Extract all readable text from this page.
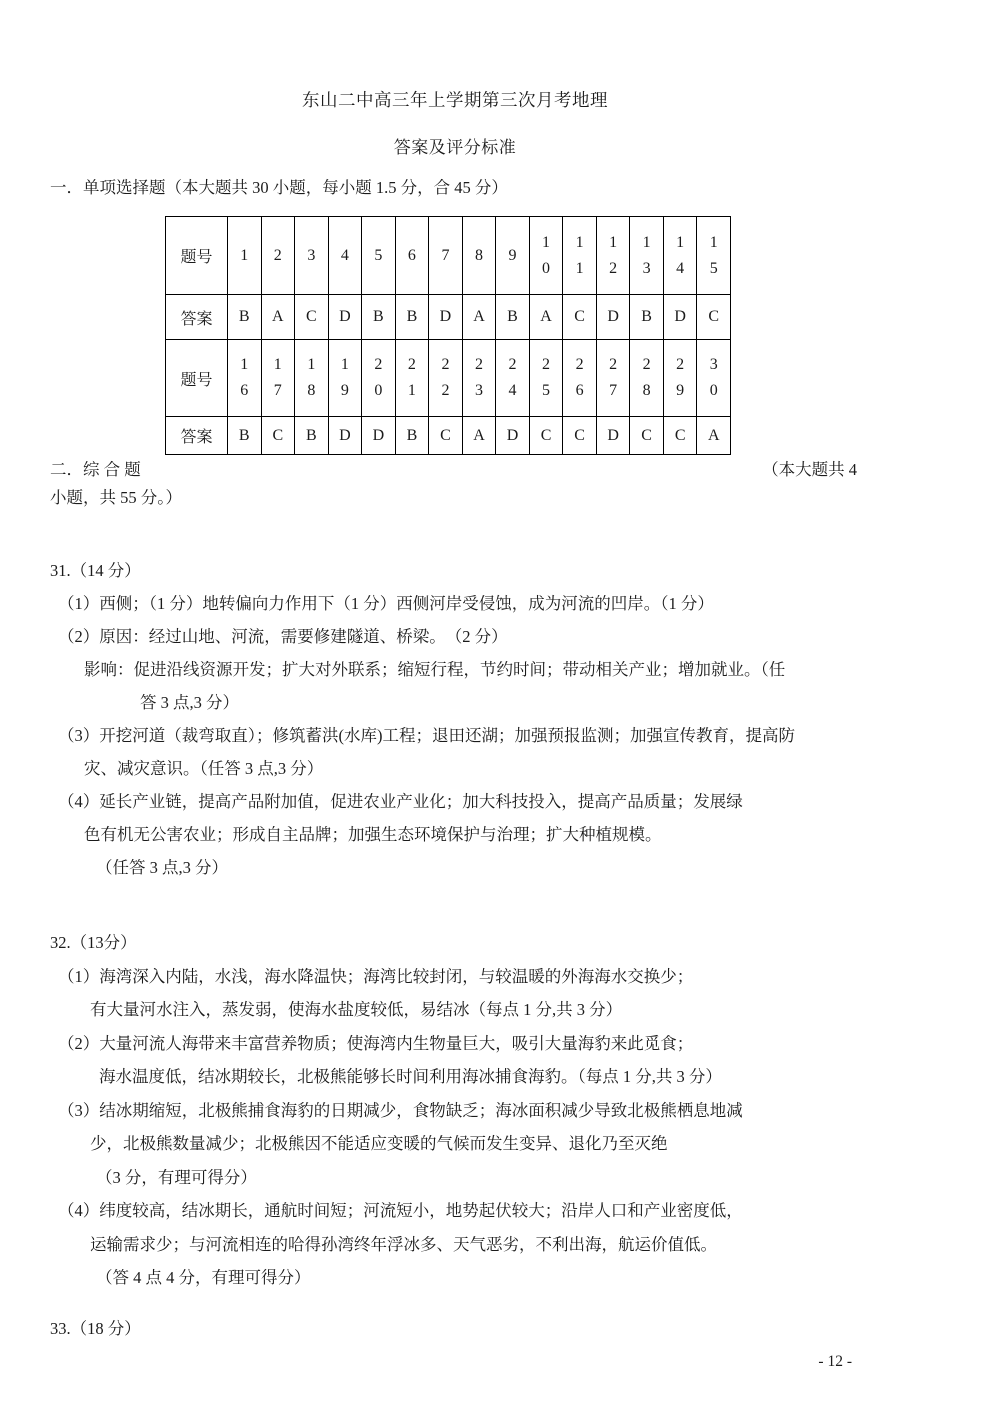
东山二中高三年上学期第三次月考地理
答案及评分标准
一．单项选择题（本大题共 30 小题，每小题 1.5 分，合 45 分）
题号	1	2	3	4	5	6	7	8	9	10	11	12	13	14	15
答案	B	A	C	D	B	B	D	A	B	A	C	D	B	D	C
题号	16	17	18	19	20	21	22	23	24	25	26	27	28	29	30
答案	B	C	B	D	D	B	C	A	D	C	C	D	C	C	A
二．综 合 题	（本大题共 4
小题，共 55 分。）
31.（14 分）
（1）西侧；（1 分）地转偏向力作用下（1 分）西侧河岸受侵蚀，成为河流的凹岸。（1 分）
（2）原因：经过山地、河流，需要修建隧道、桥梁。　（2 分）
影响：促进沿线资源开发；扩大对外联系；缩短行程，节约时间；带动相关产业；增加就业。（任
答 3 点,3 分）
（3）开挖河道（裁弯取直）；修筑蓄洪(水库)工程；退田还湖；加强预报监测；加强宣传教育，提高防
灾、减灾意识。（任答 3 点,3 分）
（4）延长产业链，提高产品附加值，促进农业产业化；加大科技投入，提高产品质量；发展绿
色有机无公害农业；形成自主品牌；加强生态环境保护与治理；扩大种植规模。
（任答 3 点,3 分）
32.（13分）
（1）海湾深入内陆，水浅，海水降温快；海湾比较封闭，与较温暖的外海海水交换少；
有大量河水注入，蒸发弱，使海水盐度较低，易结冰（每点 1 分,共 3 分）
（2）大量河流人海带来丰富营养物质；使海湾内生物量巨大，吸引大量海豹来此觅食；
海水温度低，结冰期较长，北极熊能够长时间利用海冰捕食海豹。（每点 1 分,共 3 分）
（3）结冰期缩短，北极熊捕食海豹的日期减少，食物缺乏；海冰面积减少导致北极熊栖息地减
少，北极熊数量减少；北极熊因不能适应变暖的气候而发生变异、退化乃至灭绝
（3 分，有理可得分）
（4）纬度较高，结冰期长，通航时间短；河流短小，地势起伏较大；沿岸人口和产业密度低，
运输需求少；与河流相连的哈得孙湾终年浮冰多、天气恶劣，不利出海，航运价值低。
（答 4 点 4 分，有理可得分）
33.（18 分）
- 12 -
